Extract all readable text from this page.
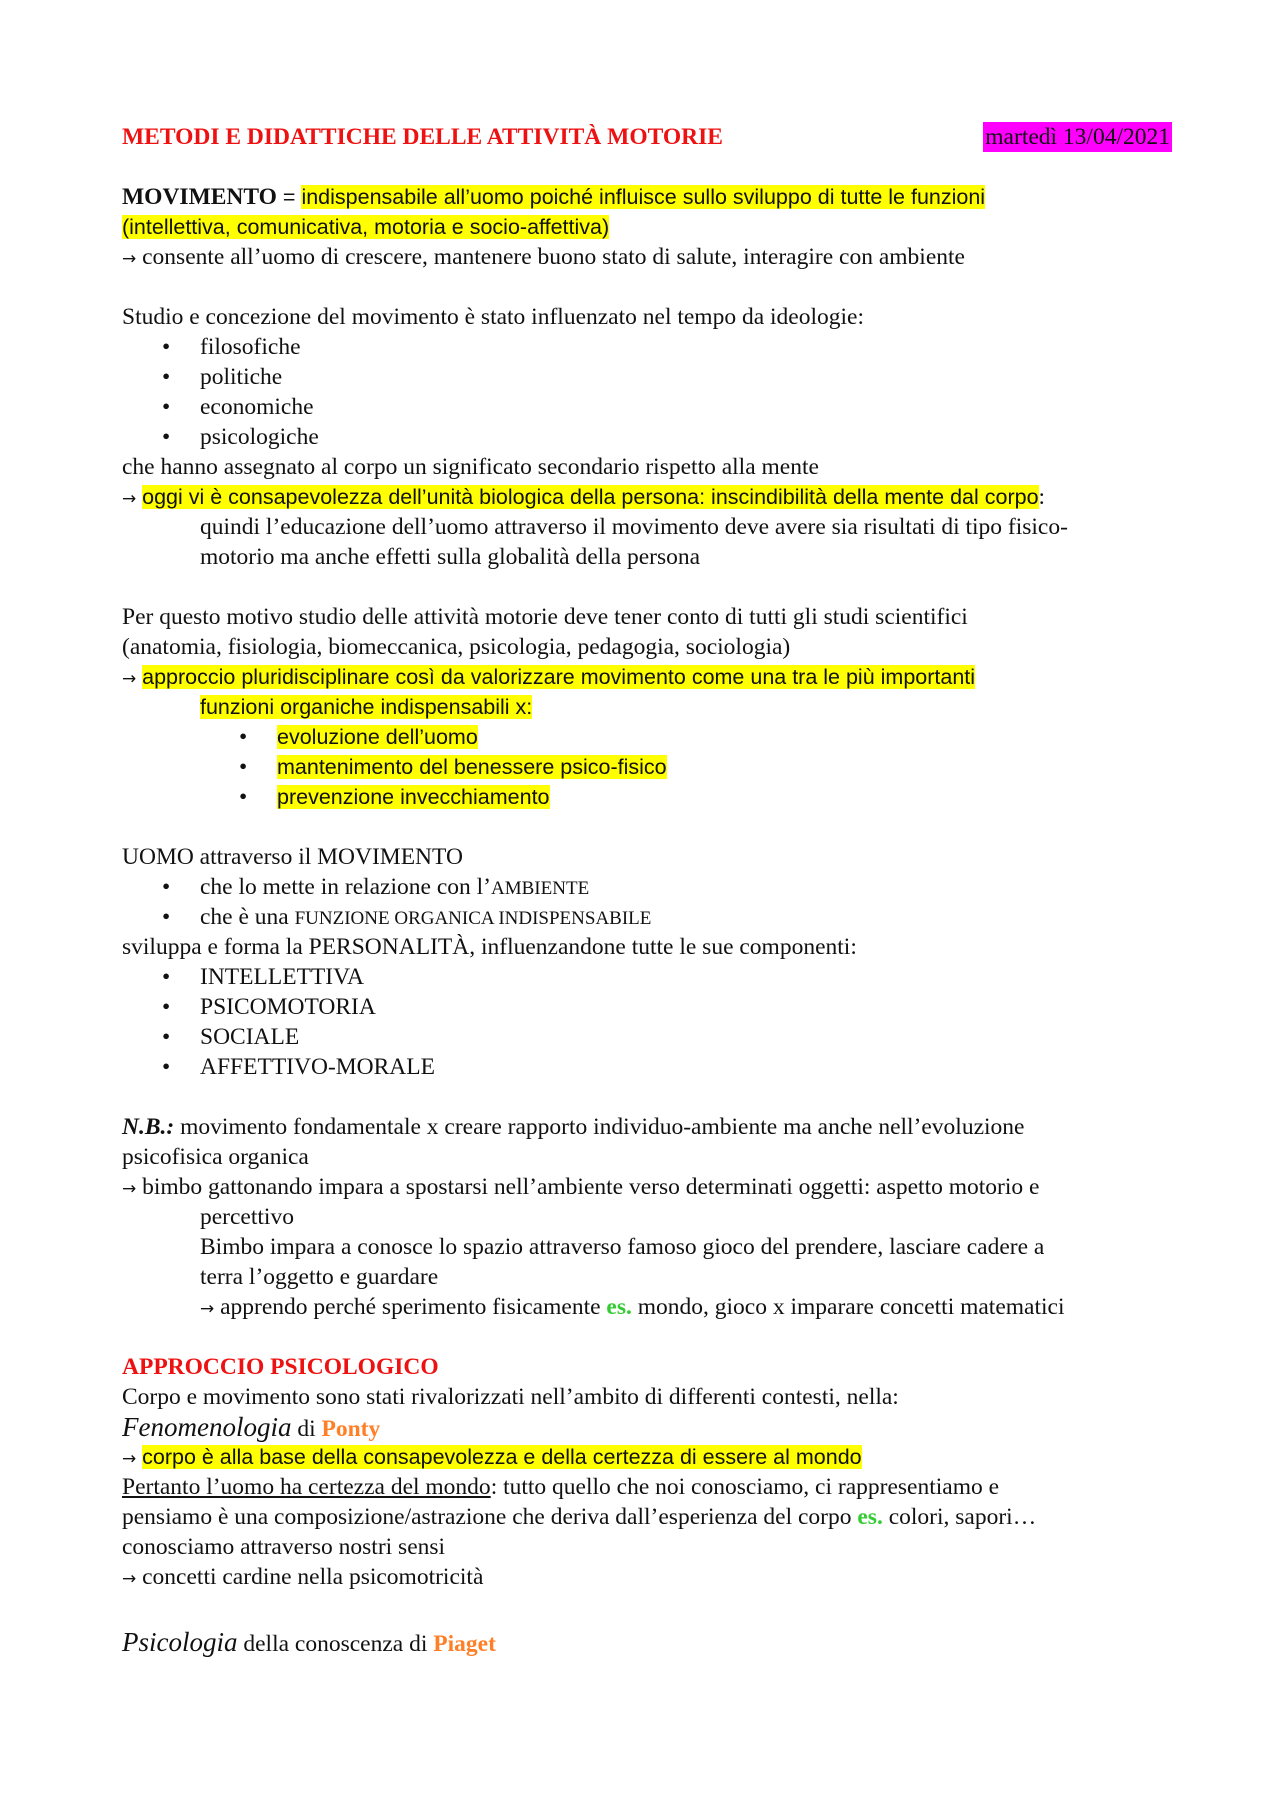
METODI E DIDATTICHE DELLE ATTIVITÀ MOTORIE	martedì 13/04/2021
MOVIMENTO = indispensabile all’uomo poiché influisce sullo sviluppo di tutte le funzioni
(intellettiva, comunicativa, motoria e socio-affettiva)
→ consente all’uomo di crescere, mantenere buono stato di salute, interagire con ambiente
Studio e concezione del movimento è stato influenzato nel tempo da ideologie:
• filosofiche
• politiche
• economiche
• psicologiche
che hanno assegnato al corpo un significato secondario rispetto alla mente
→ oggi vi è consapevolezza dell’unità biologica della persona: inscindibilità della mente dal corpo:
quindi l’educazione dell’uomo attraverso il movimento deve avere sia risultati di tipo fisico-
motorio ma anche effetti sulla globalità della persona
Per questo motivo studio delle attività motorie deve tener conto di tutti gli studi scientifici
(anatomia, fisiologia, biomeccanica, psicologia, pedagogia, sociologia)
→ approccio pluridisciplinare così da valorizzare movimento come una tra le più importanti
funzioni organiche indispensabili x:
• evoluzione dell’uomo
• mantenimento del benessere psico-fisico
• prevenzione invecchiamento
UOMO attraverso il MOVIMENTO
• che lo mette in relazione con l’AMBIENTE
• che è una FUNZIONE ORGANICA INDISPENSABILE
sviluppa e forma la PERSONALITÀ, influenzandone tutte le sue componenti:
• INTELLETTIVA
• PSICOMOTORIA
• SOCIALE
• AFFETTIVO-MORALE
N.B.: movimento fondamentale x creare rapporto individuo-ambiente ma anche nell’evoluzione
psicofisica organica
→ bimbo gattonando impara a spostarsi nell’ambiente verso determinati oggetti: aspetto motorio e
percettivo
Bimbo impara a conosce lo spazio attraverso famoso gioco del prendere, lasciare cadere a
terra l’oggetto e guardare
→ apprendo perché sperimento fisicamente es. mondo, gioco x imparare concetti matematici
APPROCCIO PSICOLOGICO
Corpo e movimento sono stati rivalorizzati nell’ambito di differenti contesti, nella:
Fenomenologia di Ponty
→ corpo è alla base della consapevolezza e della certezza di essere al mondo
Pertanto l’uomo ha certezza del mondo: tutto quello che noi conosciamo, ci rappresentiamo e
pensiamo è una composizione/astrazione che deriva dall’esperienza del corpo es. colori, sapori…
conosciamo attraverso nostri sensi
→ concetti cardine nella psicomotricità
Psicologia della conoscenza di Piaget
